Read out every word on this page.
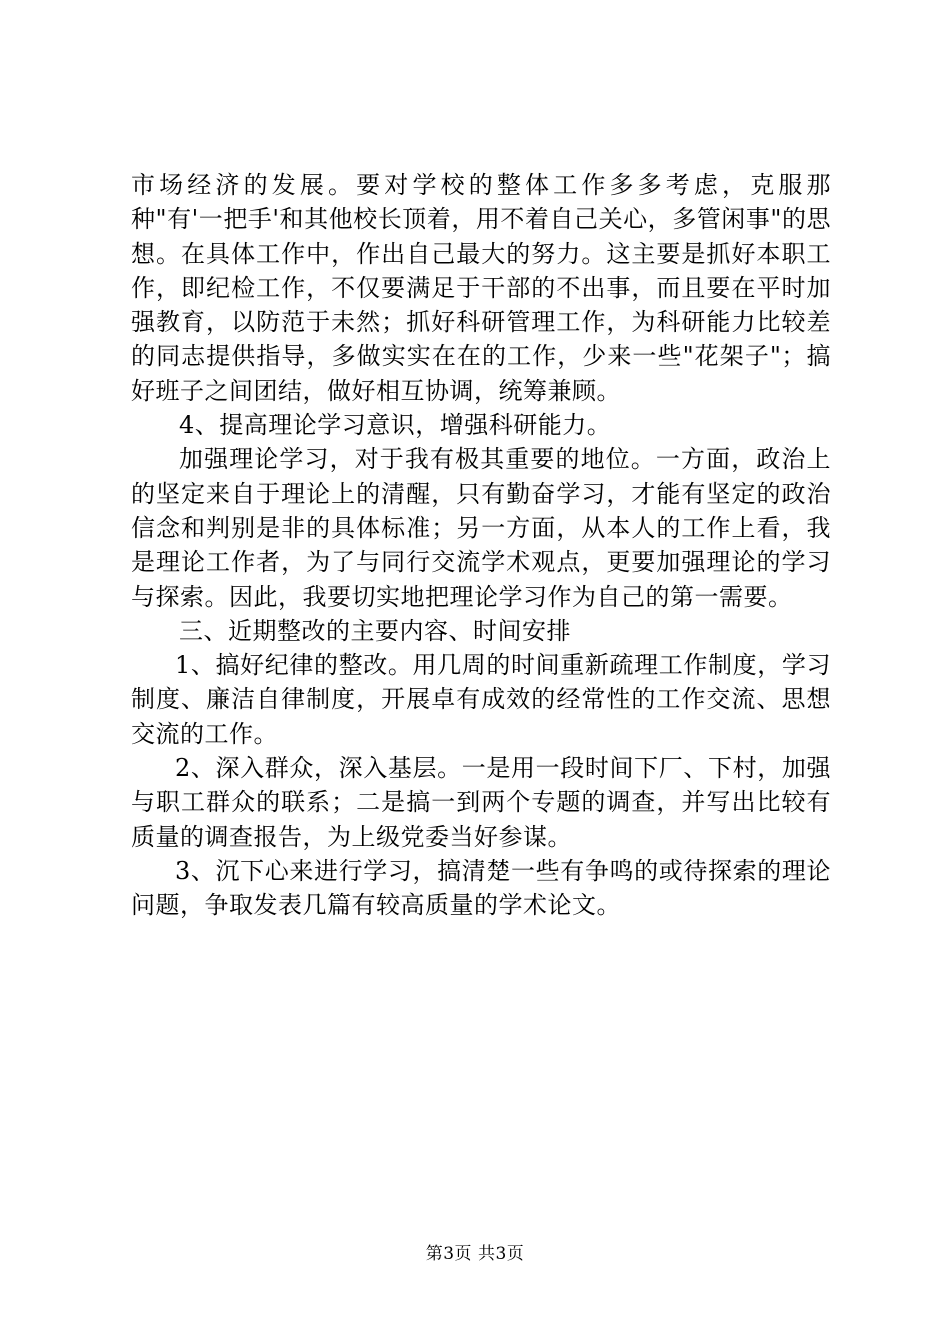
市场经济的发展。要对学校的整体工作多多考虑，克服那种"有'一把手'和其他校长顶着，用不着自己关心，多管闲事"的思想。在具体工作中，作出自己最大的努力。这主要是抓好本职工作，即纪检工作，不仅要满足于干部的不出事，而且要在平时加强教育，以防范于未然；抓好科研管理工作，为科研能力比较差的同志提供指导，多做实实在在的工作，少来一些"花架子"；搞好班子之间团结，做好相互协调，统筹兼顾。

4、提高理论学习意识，增强科研能力。

加强理论学习，对于我有极其重要的地位。一方面，政治上的坚定来自于理论上的清醒，只有勤奋学习，才能有坚定的政治信念和判别是非的具体标准；另一方面，从本人的工作上看，我是理论工作者，为了与同行交流学术观点，更要加强理论的学习与探索。因此，我要切实地把理论学习作为自己的第一需要。

三、近期整改的主要内容、时间安排

1、搞好纪律的整改。用几周的时间重新疏理工作制度，学习制度、廉洁自律制度，开展卓有成效的经常性的工作交流、思想交流的工作。

2、深入群众，深入基层。一是用一段时间下厂、下村，加强与职工群众的联系；二是搞一到两个专题的调查，并写出比较有质量的调查报告，为上级党委当好参谋。

3、沉下心来进行学习，搞清楚一些有争鸣的或待探索的理论问题，争取发表几篇有较高质量的学术论文。

第3页 共3页
